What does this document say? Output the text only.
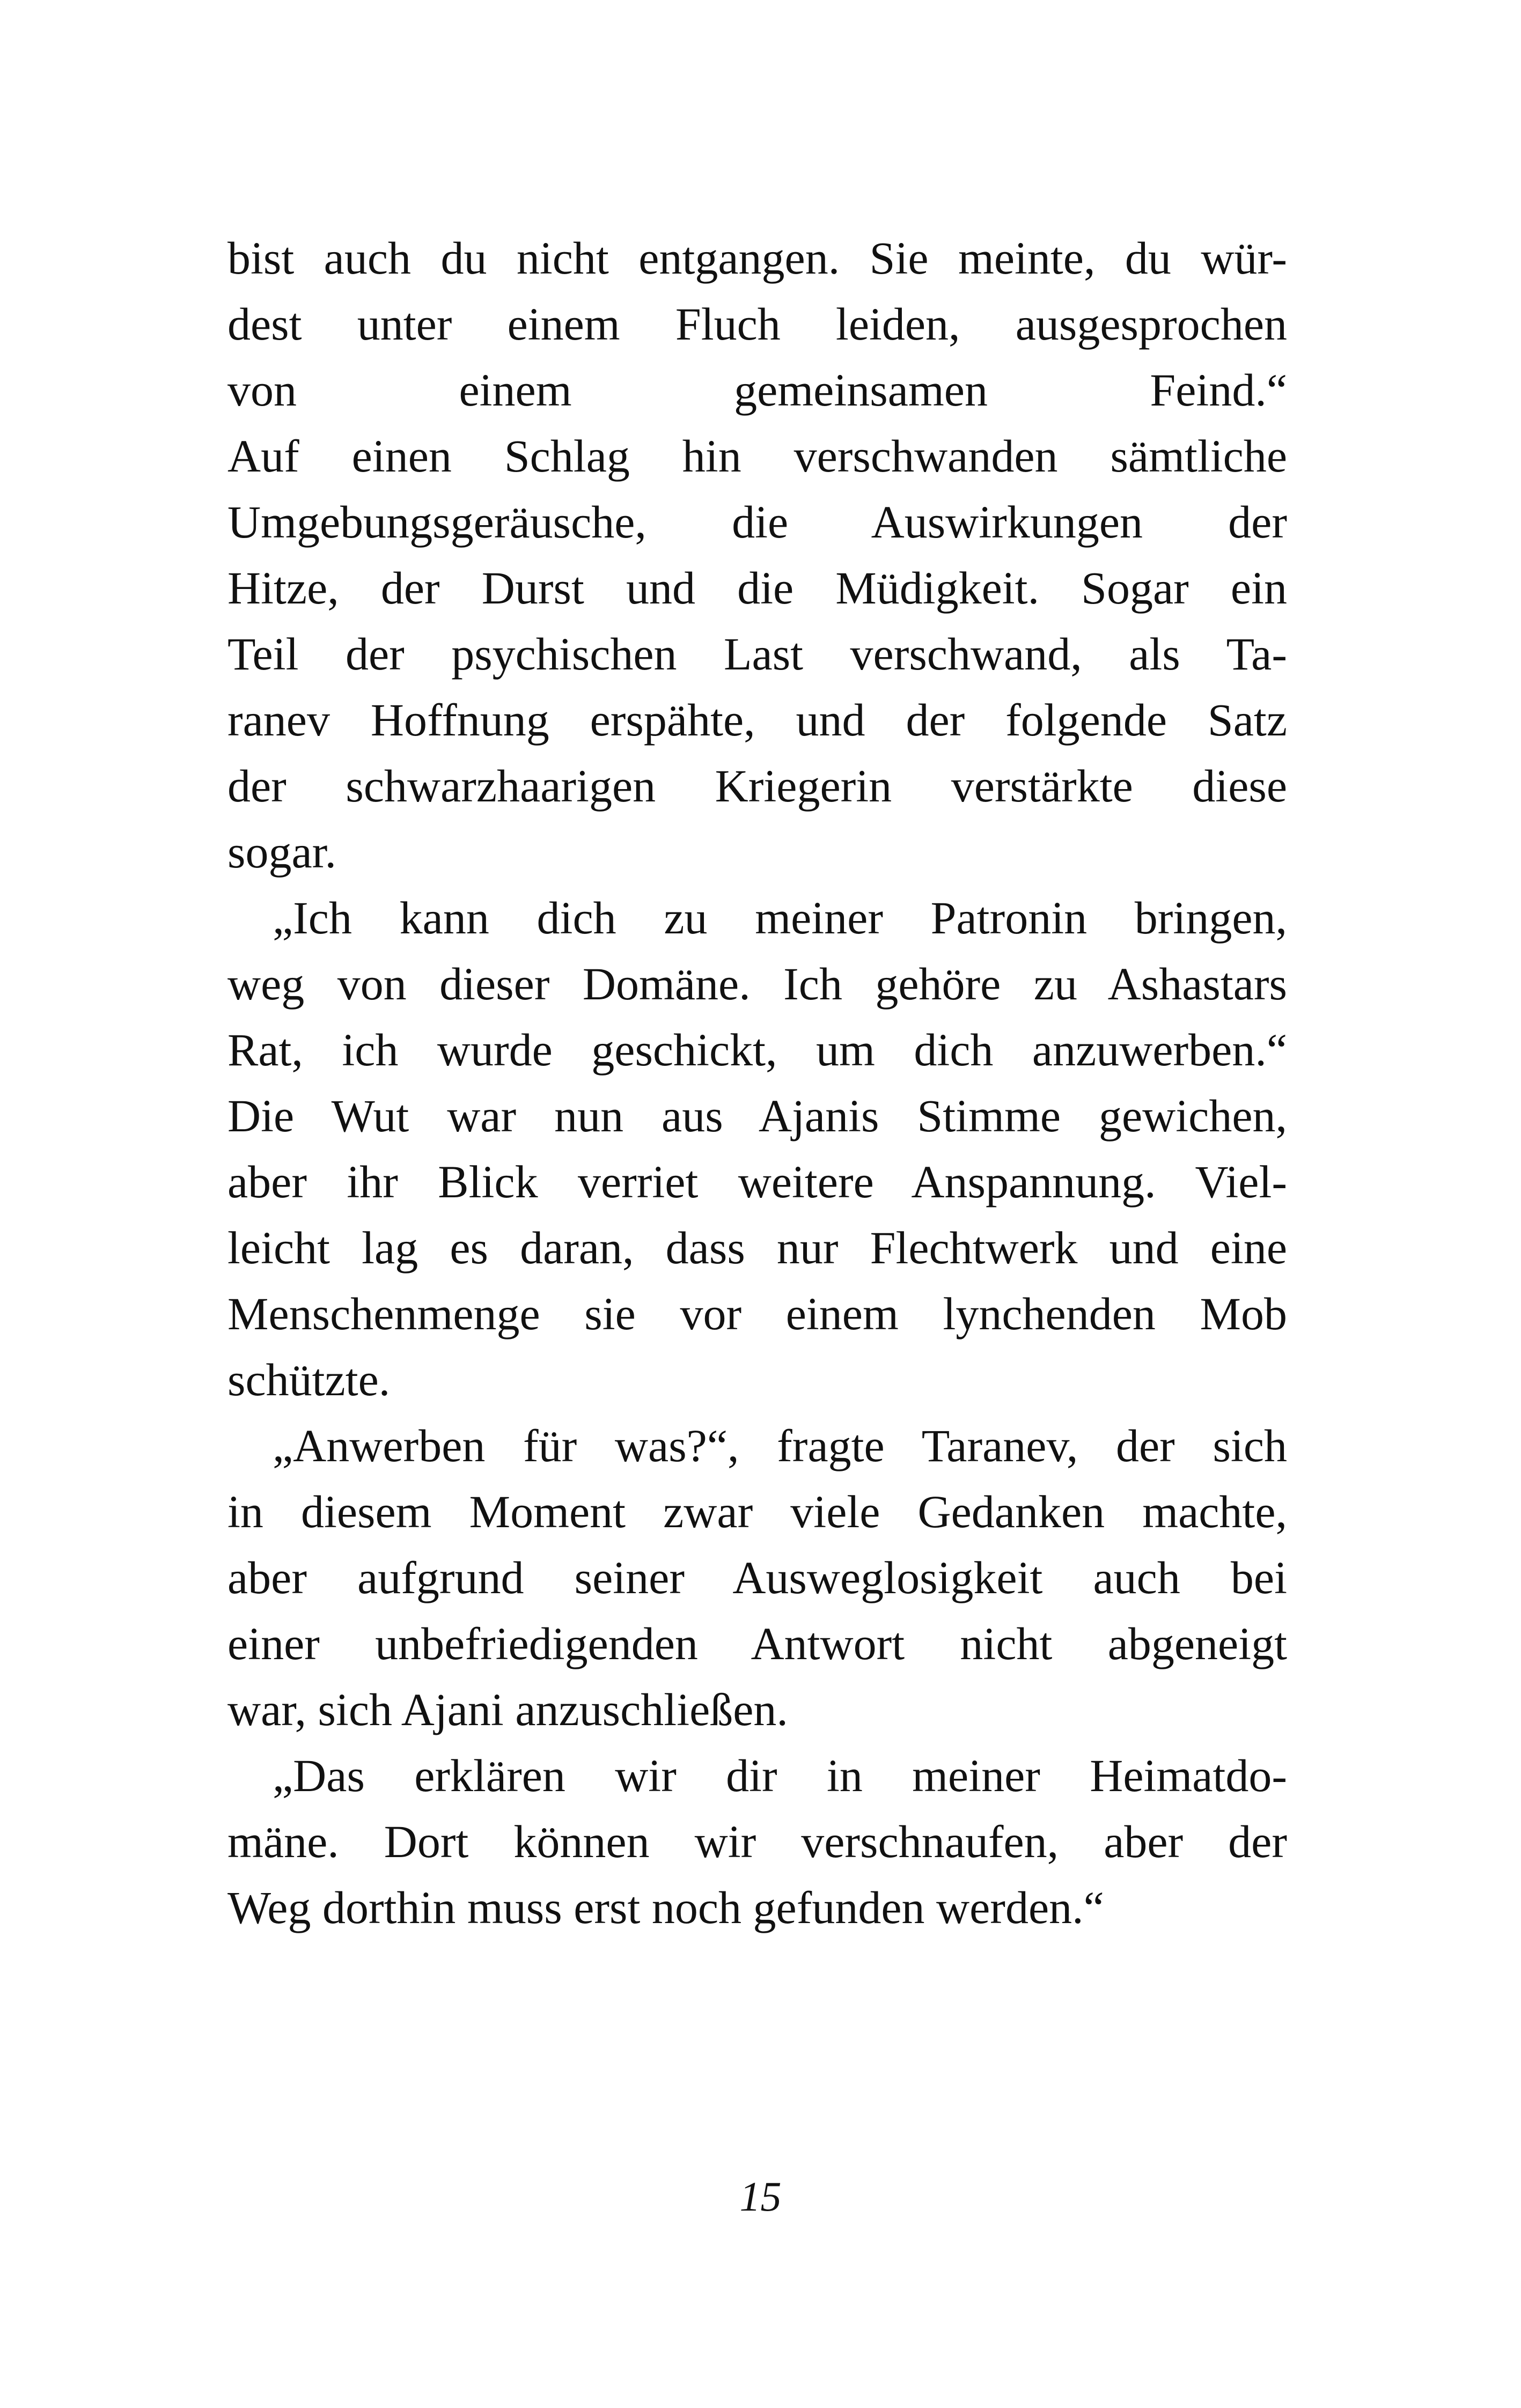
bist auch du nicht entgangen. Sie meinte, du wür-
dest unter einem Fluch leiden, ausgesprochen
von einem gemeinsamen Feind.“
Auf einen Schlag hin verschwanden sämtliche
Umgebungsgeräusche, die Auswirkungen der
Hitze, der Durst und die Müdigkeit. Sogar ein
Teil der psychischen Last verschwand, als Ta-
ranev Hoffnung erspähte, und der folgende Satz
der schwarzhaarigen Kriegerin verstärkte diese
sogar.
„Ich kann dich zu meiner Patronin bringen,
weg von dieser Domäne. Ich gehöre zu Ashastars
Rat, ich wurde geschickt, um dich anzuwerben.“
Die Wut war nun aus Ajanis Stimme gewichen,
aber ihr Blick verriet weitere Anspannung. Viel-
leicht lag es daran, dass nur Flechtwerk und eine
Menschenmenge sie vor einem lynchenden Mob
schützte.
„Anwerben für was?“, fragte Taranev, der sich
in diesem Moment zwar viele Gedanken machte,
aber aufgrund seiner Ausweglosigkeit auch bei
einer unbefriedigenden Antwort nicht abgeneigt
war, sich Ajani anzuschließen.
„Das erklären wir dir in meiner Heimatdo-
mäne. Dort können wir verschnaufen, aber der
Weg dorthin muss erst noch gefunden werden.“
15
